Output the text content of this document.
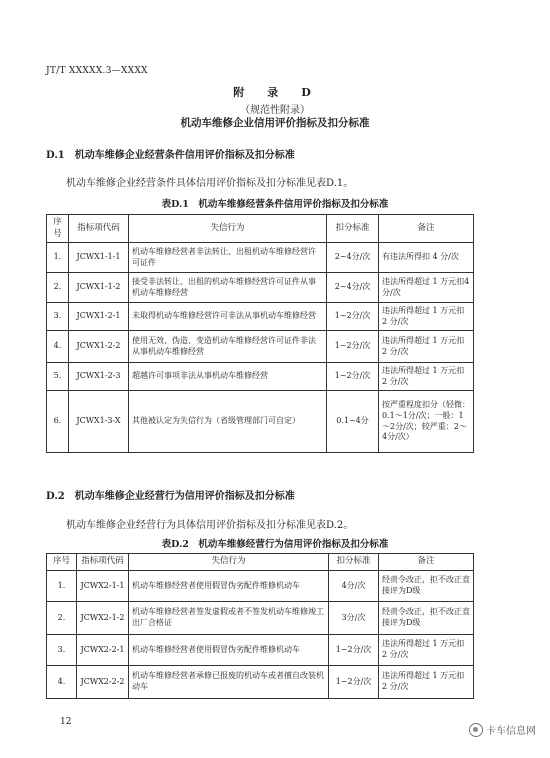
JT/T XXXXX.3—XXXX
附　录　D
（规范性附录）
机动车维修企业信用评价指标及扣分标准
D.1　机动车维修企业经营条件信用评价指标及扣分标准
机动车维修企业经营条件具体信用评价指标及扣分标准见表D.1。
表D.1　机动车维修经营条件信用评价指标及扣分标准
序号	指标项代码	失信行为	扣分标准	备注
1.	JCWX1-1-1	机动车维修经营者非法转让、出租机动车维修经营许可证件	2~4分/次	有违法所得扣 4 分/次
2.	JCWX1-1-2	接受非法转让、出租的机动车维修经营许可证件从事机动车维修经营	2~4分/次	违法所得超过 1 万元扣4分/次
3.	JCWX1-2-1	未取得机动车维修经营许可非法从事机动车维修经营	1~2分/次	违法所得超过 1 万元扣 2 分/次
4.	JCWX1-2-2	使用无效、伪造、变造机动车维修经营许可证件非法从事机动车维修经营	1~2分/次	违法所得超过 1 万元扣 2 分/次
5.	JCWX1-2-3	超越许可事项非法从事机动车维修经营	1~2分/次	违法所得超过 1 万元扣 2 分/次
6.	JCWX1-3-X	其他被认定为失信行为（省级管理部门可自定）	0.1~4分	按严重程度扣分（轻微：0.1～1分/次；一般：1～2分/次；较严重：2～4分/次）
D.2　机动车维修企业经营行为信用评价指标及扣分标准
机动车维修企业经营行为具体信用评价指标及扣分标准见表D.2。
表D.2　机动车维修经营行为信用评价指标及扣分标准
序号	指标项代码	失信行为	扣分标准	备注
1.	JCWX2-1-1	机动车维修经营者使用假冒伪劣配件维修机动车	4分/次	经责令改正，拒不改正直接评为D级
2.	JCWX2-1-2	机动车维修经营者签发虚假或者不签发机动车维修竣工出厂合格证	3分/次	经责令改正，拒不改正直接评为D级
3.	JCWX2-2-1	机动车维修经营者使用假冒伪劣配件维修机动车	1~2分/次	违法所得超过 1 万元扣 2 分/次
4.	JCWX2-2-2	机动车维修经营者承修已报废的机动车或者擅自改装机动车	1~2分/次	违法所得超过 1 万元扣 2 分/次
12
卡车信息网
